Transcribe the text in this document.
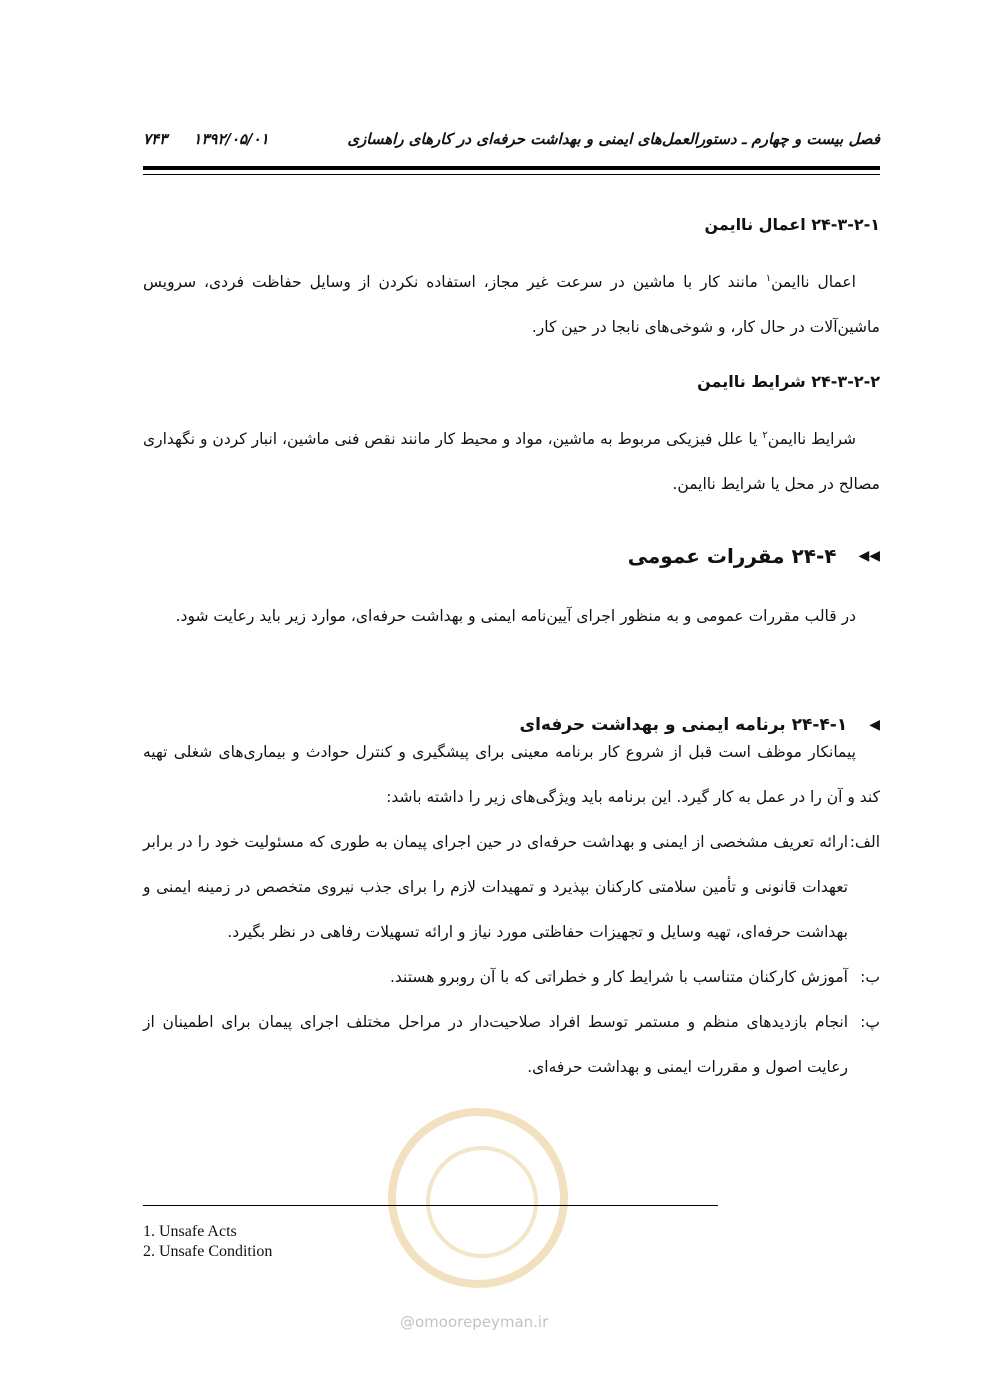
فصل بیست و چهارم ـ دستورالعمل‌های ایمنی و بهداشت حرفه‌ای در کارهای راهسازی
۱۳۹۲/۰۵/۰۱     ۷۴۳
۲۴-۳-۲-۱ اعمال ناایمن
اعمال ناایمن$^۱$ مانند کار با ماشین در سرعت غیر مجاز، استفاده نکردن از وسایل حفاظت فردی، سرویس ماشین‌آلات در حال کار، و شوخی‌های نابجا در حین کار.
۲۴-۳-۲-۲ شرایط ناایمن
شرایط ناایمن$^۲$ یا علل فیزیکی مربوط به ماشین، مواد و محیط کار مانند نقص فنی ماشین، انبار کردن و نگهداری مصالح در محل یا شرایط ناایمن.
◀◀
۲۴-۴ مقررات عمومی
در قالب مقررات عمومی و به منظور اجرای آیین‌نامه ایمنی و بهداشت حرفه‌ای، موارد زیر باید رعایت شود.
◀
۲۴-۴-۱ برنامه ایمنی و بهداشت حرفه‌ای
پیمانکار موظف است قبل از شروع کار برنامه معینی برای پیشگیری و کنترل حوادث و بیماری‌های شغلی تهیه کند و آن را در عمل به کار گیرد. این برنامه باید ویژگی‌های زیر را داشته باشد:
الف:
ارائه تعریف مشخصی از ایمنی و بهداشت حرفه‌ای در حین اجرای پیمان به طوری که مسئولیت خود را در برابر تعهدات قانونی و تأمین سلامتی کارکنان بپذیرد و تمهیدات لازم را برای جذب نیروی متخصص در زمینه ایمنی و بهداشت حرفه‌ای، تهیه وسایل و تجهیزات حفاظتی مورد نیاز و ارائه تسهیلات رفاهی در نظر بگیرد.
ب:
آموزش کارکنان متناسب با شرایط کار و خطراتی که با آن روبرو هستند.
پ:
انجام بازدیدهای منظم و مستمر توسط افراد صلاحیت‌دار در مراحل مختلف اجرای پیمان برای اطمینان از رعایت اصول و مقررات ایمنی و بهداشت حرفه‌ای.
1. Unsafe Acts
2. Unsafe Condition
@omoorepeyman.ir
